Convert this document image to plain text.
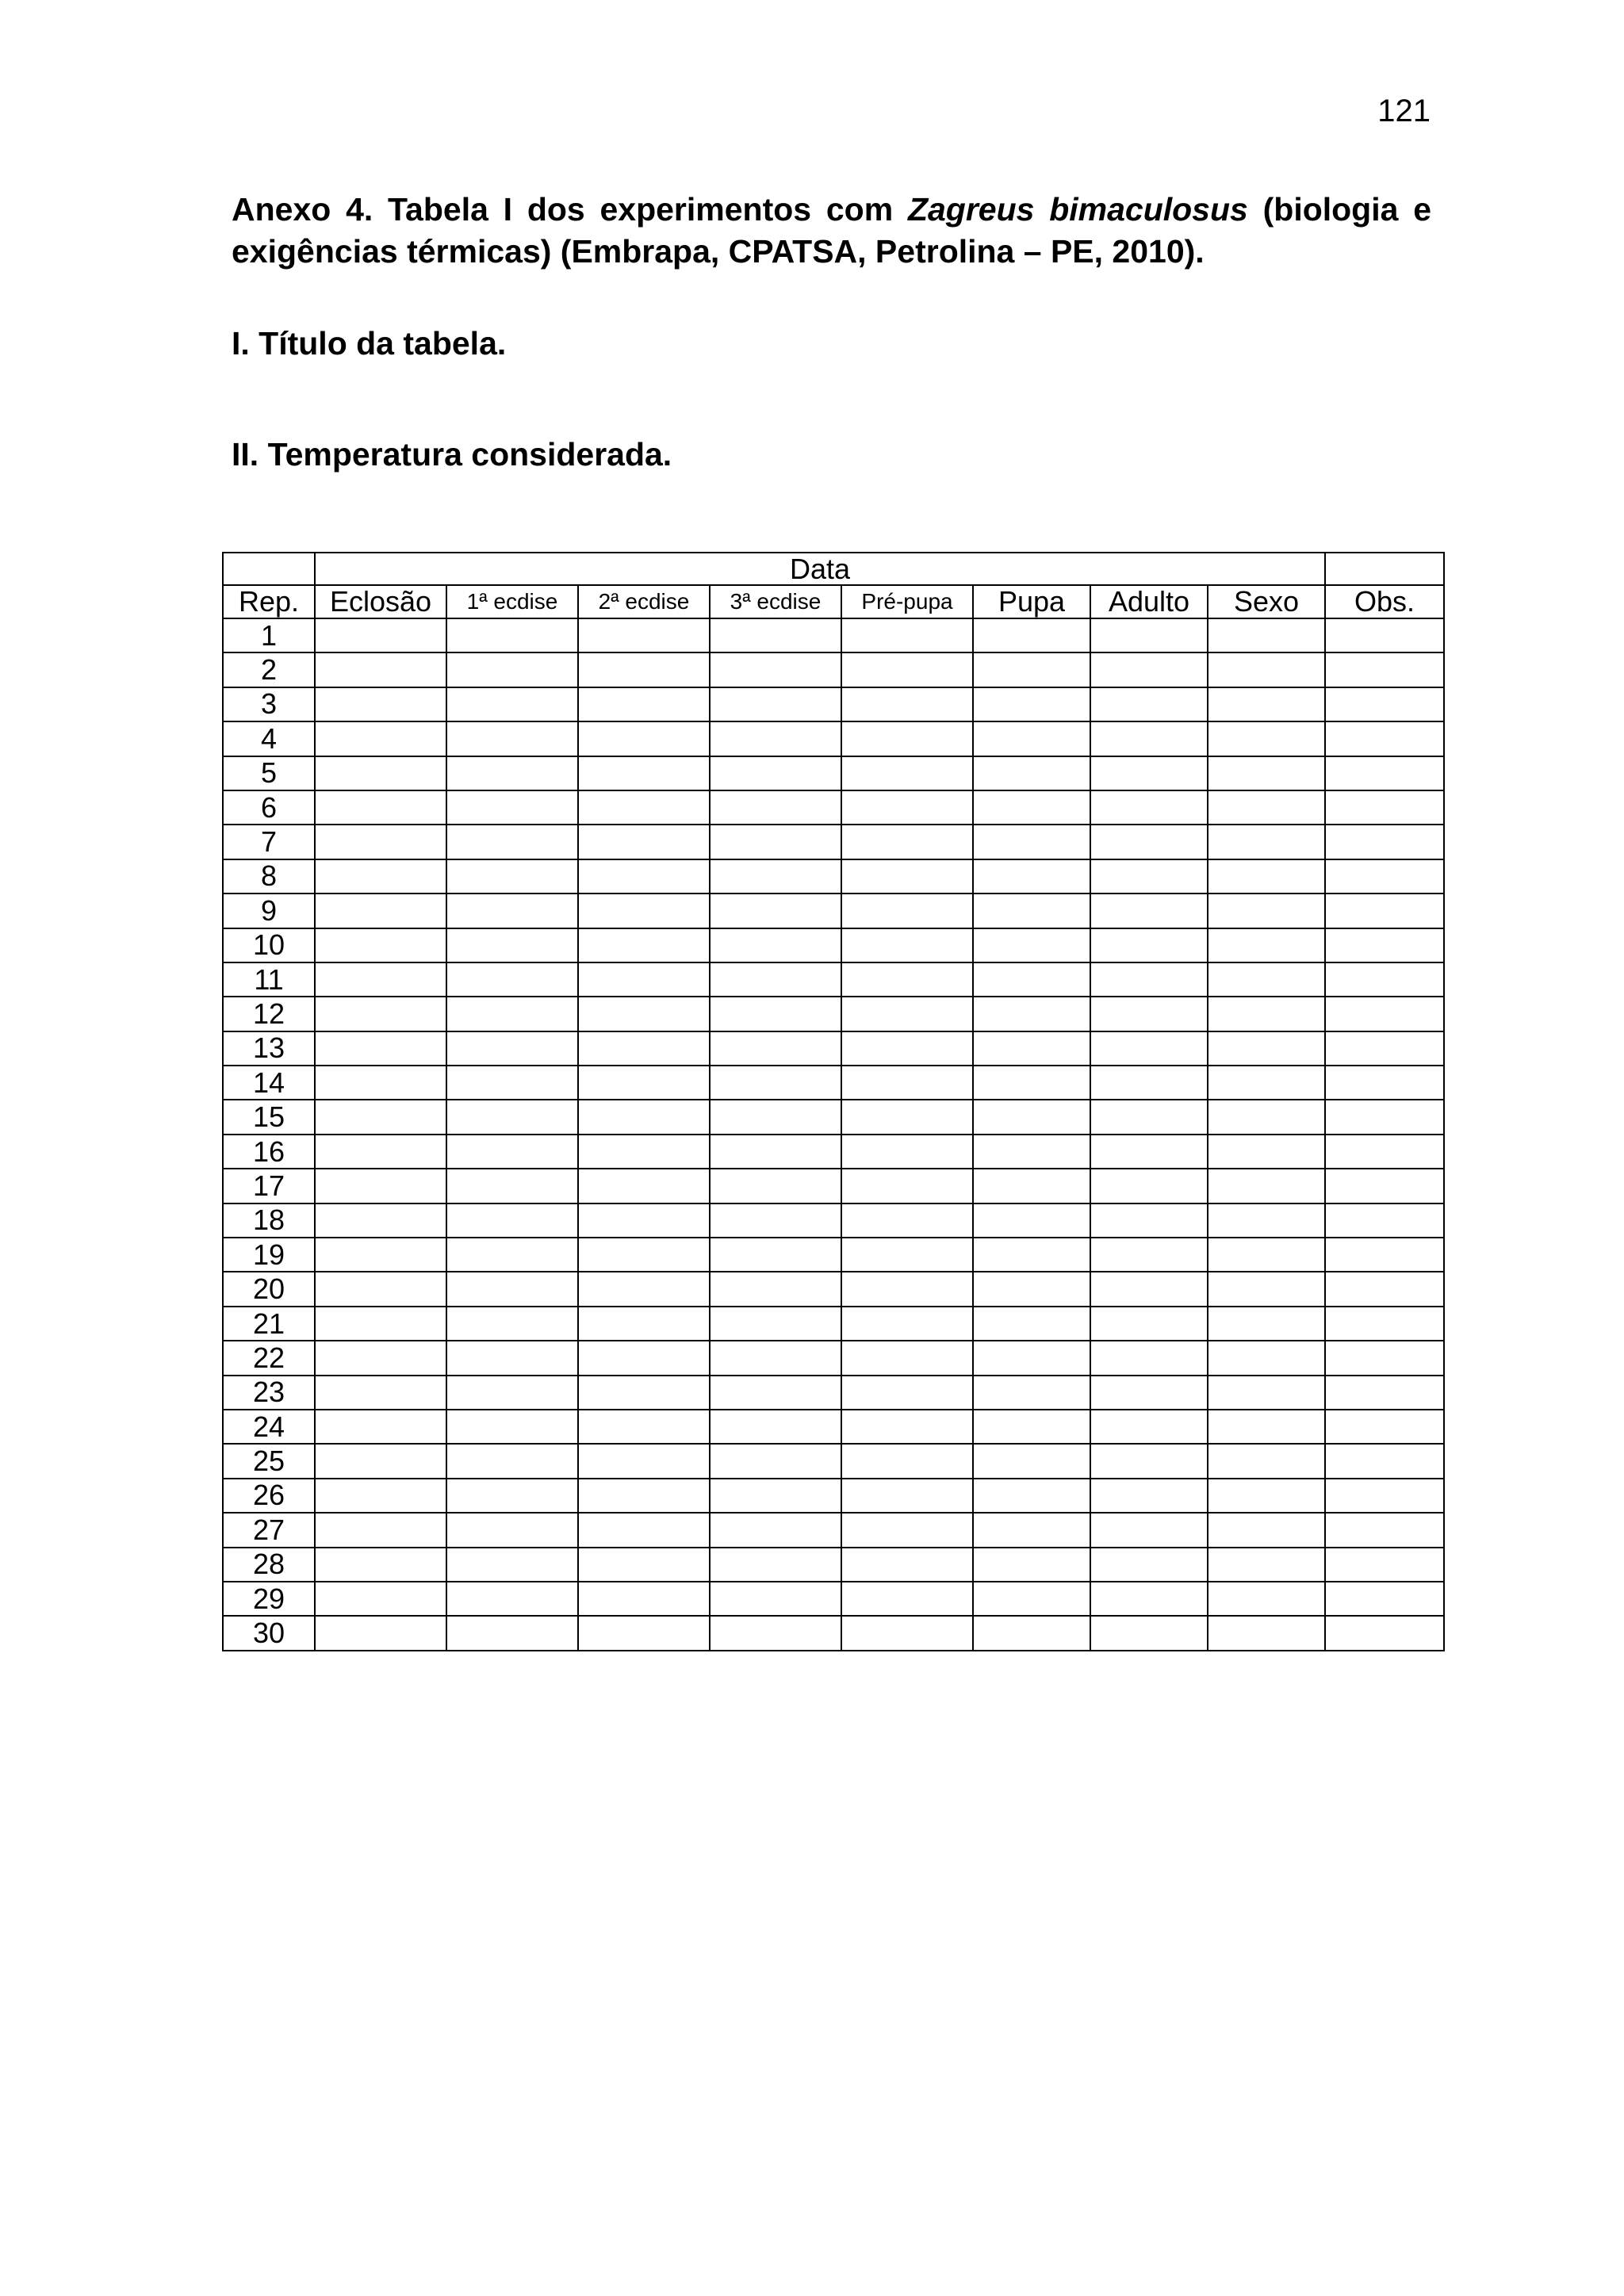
121
Anexo 4. Tabela I dos experimentos com Zagreus bimaculosus (biologia e exigências térmicas) (Embrapa, CPATSA, Petrolina – PE, 2010).
I. Título da tabela.
II. Temperatura considerada.
	Data								
Rep.	Eclosão	1ª ecdise	2ª ecdise	3ª ecdise	Pré-pupa	Pupa	Adulto	Sexo	Obs.
1									
2									
3									
4									
5									
6									
7									
8									
9									
10									
11									
12									
13									
14									
15									
16									
17									
18									
19									
20									
21									
22									
23									
24									
25									
26									
27									
28									
29									
30									
